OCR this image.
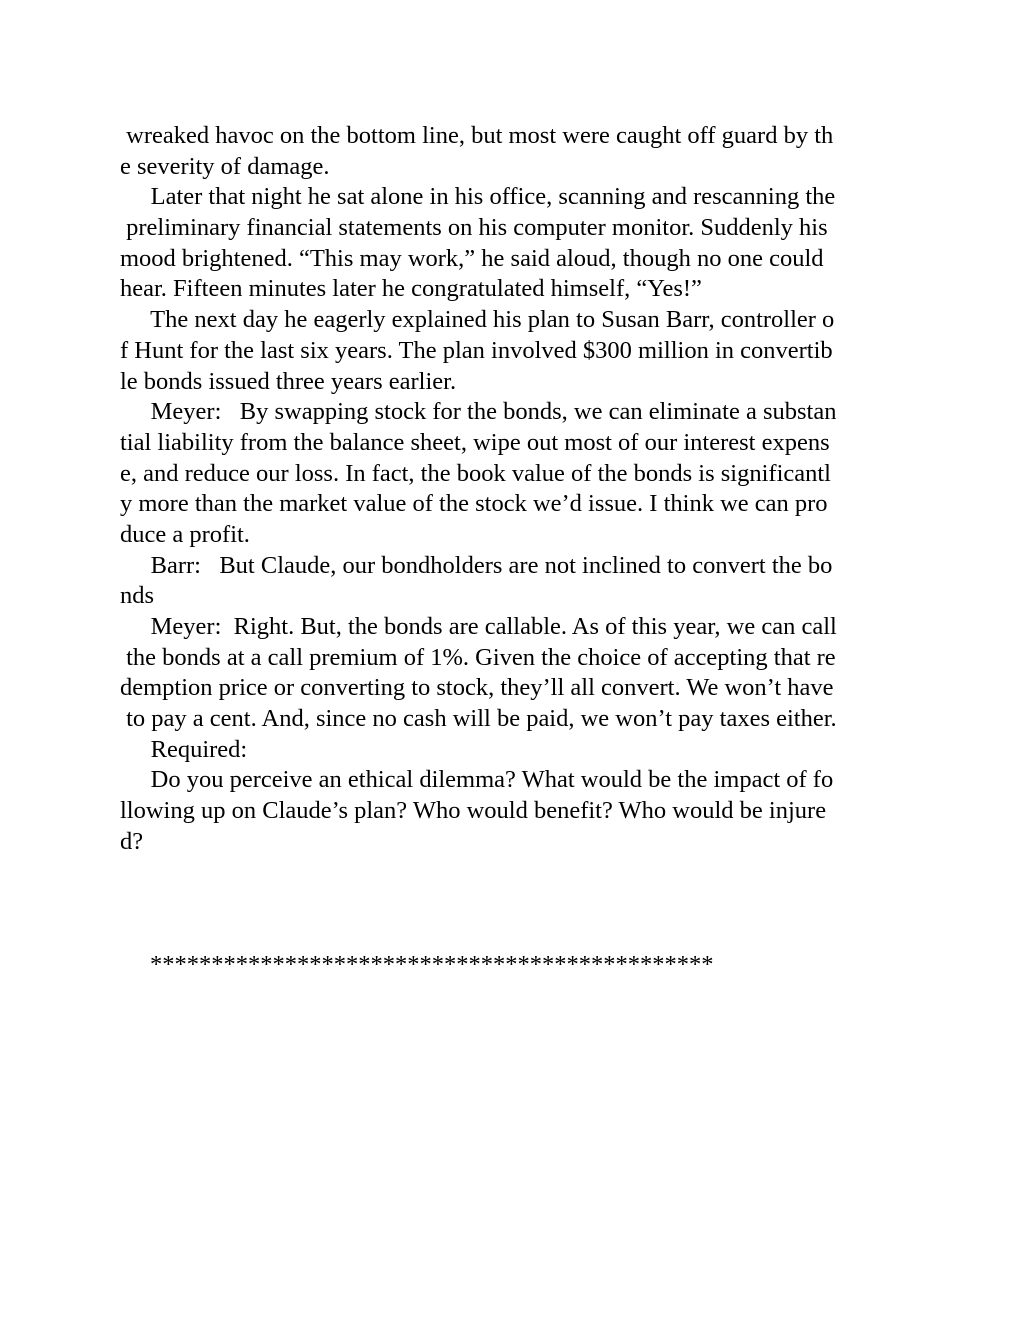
wreaked havoc on the bottom line, but most were caught off guard by th
e severity of damage.
Later that night he sat alone in his office, scanning and rescanning the
preliminary financial statements on his computer monitor. Suddenly his
mood brightened. “This may work,” he said aloud, though no one could
hear. Fifteen minutes later he congratulated himself, “Yes!”
The next day he eagerly explained his plan to Susan Barr, controller o
f Hunt for the last six years. The plan involved $300 million in convertib
le bonds issued three years earlier.
Meyer:   By swapping stock for the bonds, we can eliminate a substan
tial liability from the balance sheet, wipe out most of our interest expens
e, and reduce our loss. In fact, the book value of the bonds is significantl
y more than the market value of the stock we’d issue. I think we can pro
duce a profit.
Barr:   But Claude, our bondholders are not inclined to convert the bo
nds
Meyer:  Right. But, the bonds are callable. As of this year, we can call
the bonds at a call premium of 1%. Given the choice of accepting that re
demption price or converting to stock, they’ll all convert. We won’t have
to pay a cent. And, since no cash will be paid, we won’t pay taxes either.
Required:
Do you perceive an ethical dilemma? What would be the impact of fo
llowing up on Claude’s plan? Who would benefit? Who would be injure
d?
**********************************************
